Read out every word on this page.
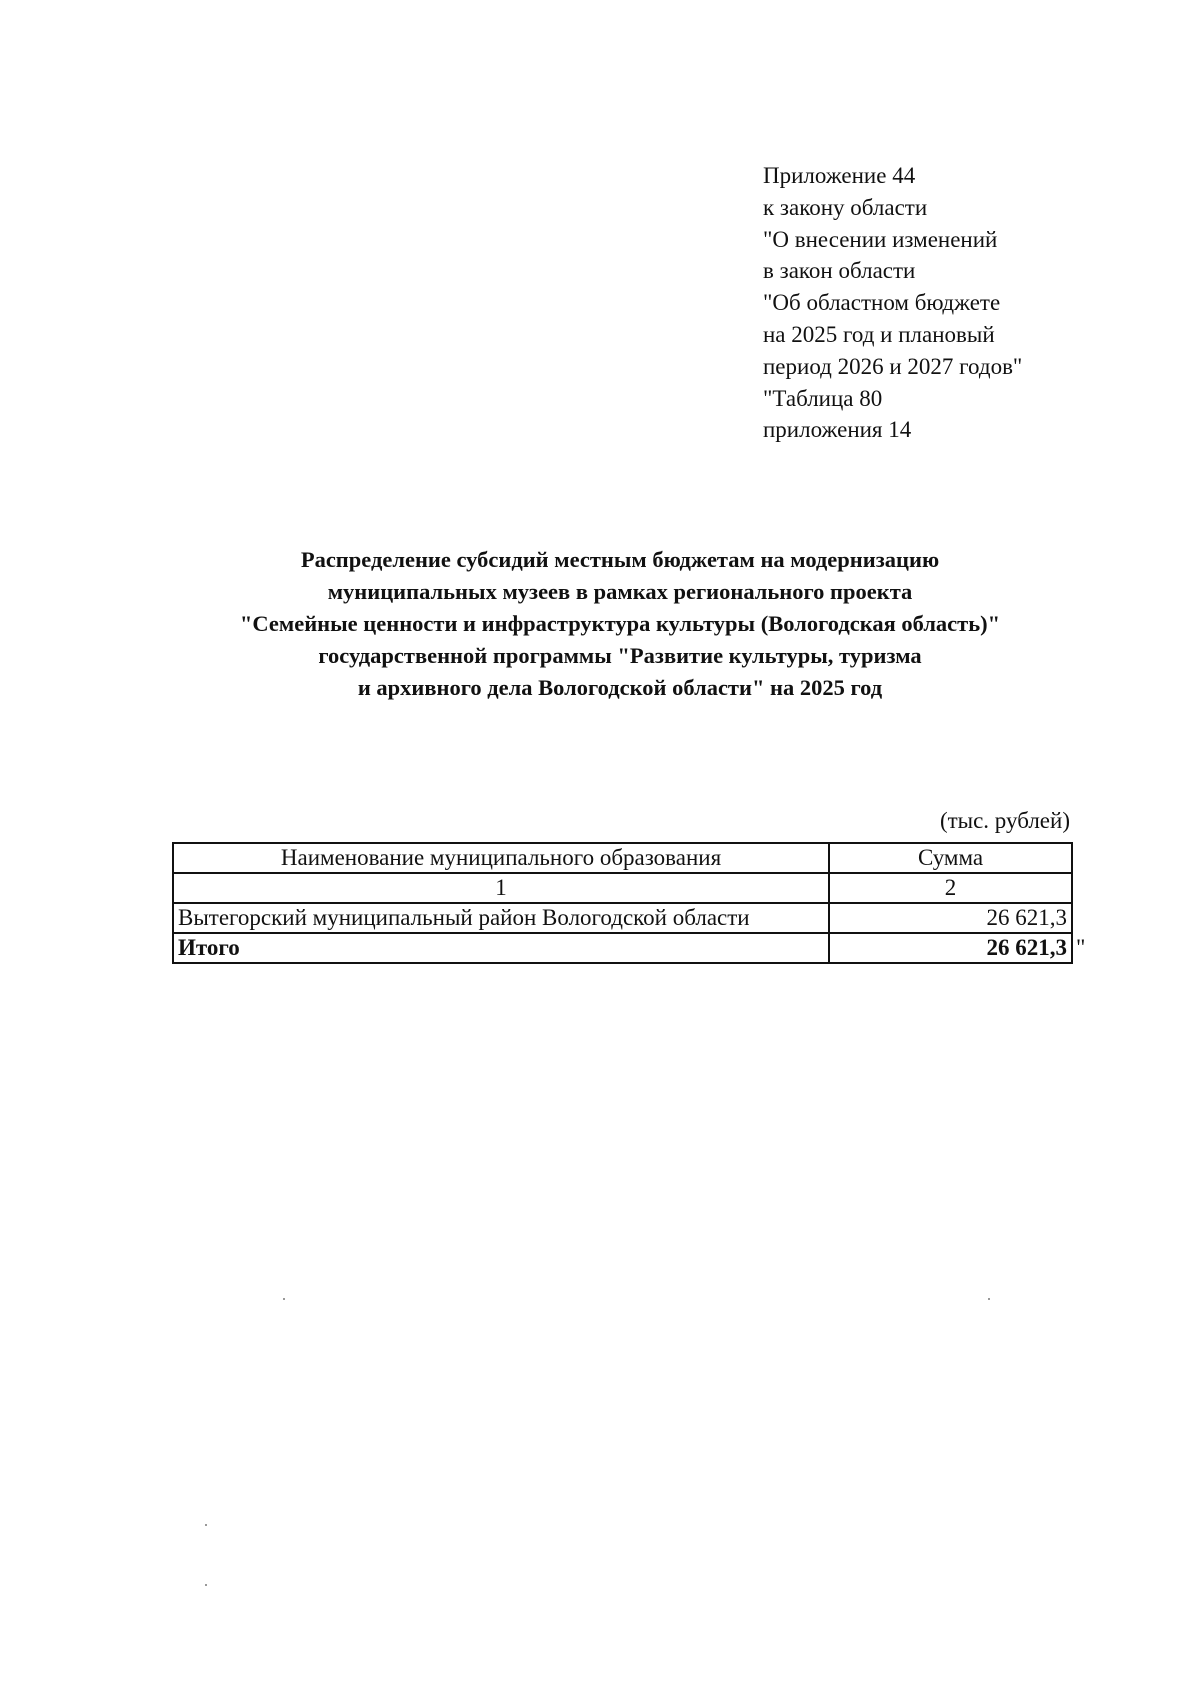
Приложение 44
к закону области
"О внесении изменений
в закон области
"Об областном бюджете
на 2025 год и плановый
период 2026 и 2027 годов"
"Таблица 80
приложения 14
Распределение субсидий местным бюджетам на модернизацию
муниципальных музеев в рамках регионального проекта
"Семейные ценности и инфраструктура культуры (Вологодская область)"
государственной программы "Развитие культуры, туризма
и архивного дела Вологодской области" на 2025 год
(тыс. рублей)
Наименование муниципального образования	Сумма
1	2
Вытегорский муниципальный район Вологодской области	26 621,3
Итого	26 621,3 "
